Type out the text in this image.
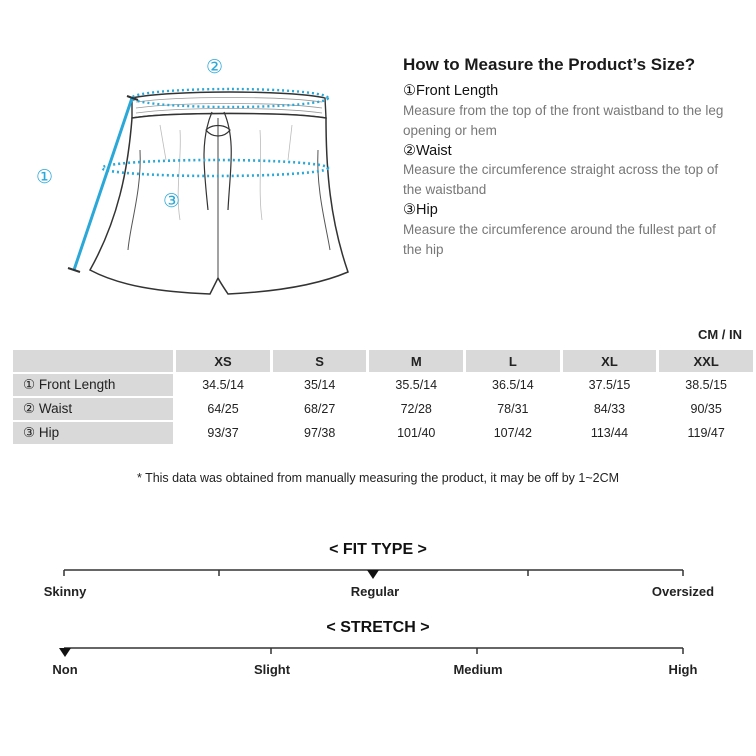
②
①
③
How to Measure the Product’s Size?
①Front Length
Measure from the top of the front waistband to the leg opening or hem
②Waist
Measure the circumference straight across the top of the waistband
③Hip
Measure the circumference around the fullest part of the hip
CM / IN
	XS	S	M	L	XL	XXL
① Front Length	34.5/14	35/14	35.5/14	36.5/14	37.5/15	38.5/15
② Waist	64/25	68/27	72/28	78/31	84/33	90/35
③ Hip	93/37	97/38	101/40	107/42	113/44	119/47
* This data was obtained from manually measuring the product, it may be off by 1~2CM
< FIT TYPE >
Skinny	Regular	Oversized
< STRETCH >
Non	Slight	Medium	High
